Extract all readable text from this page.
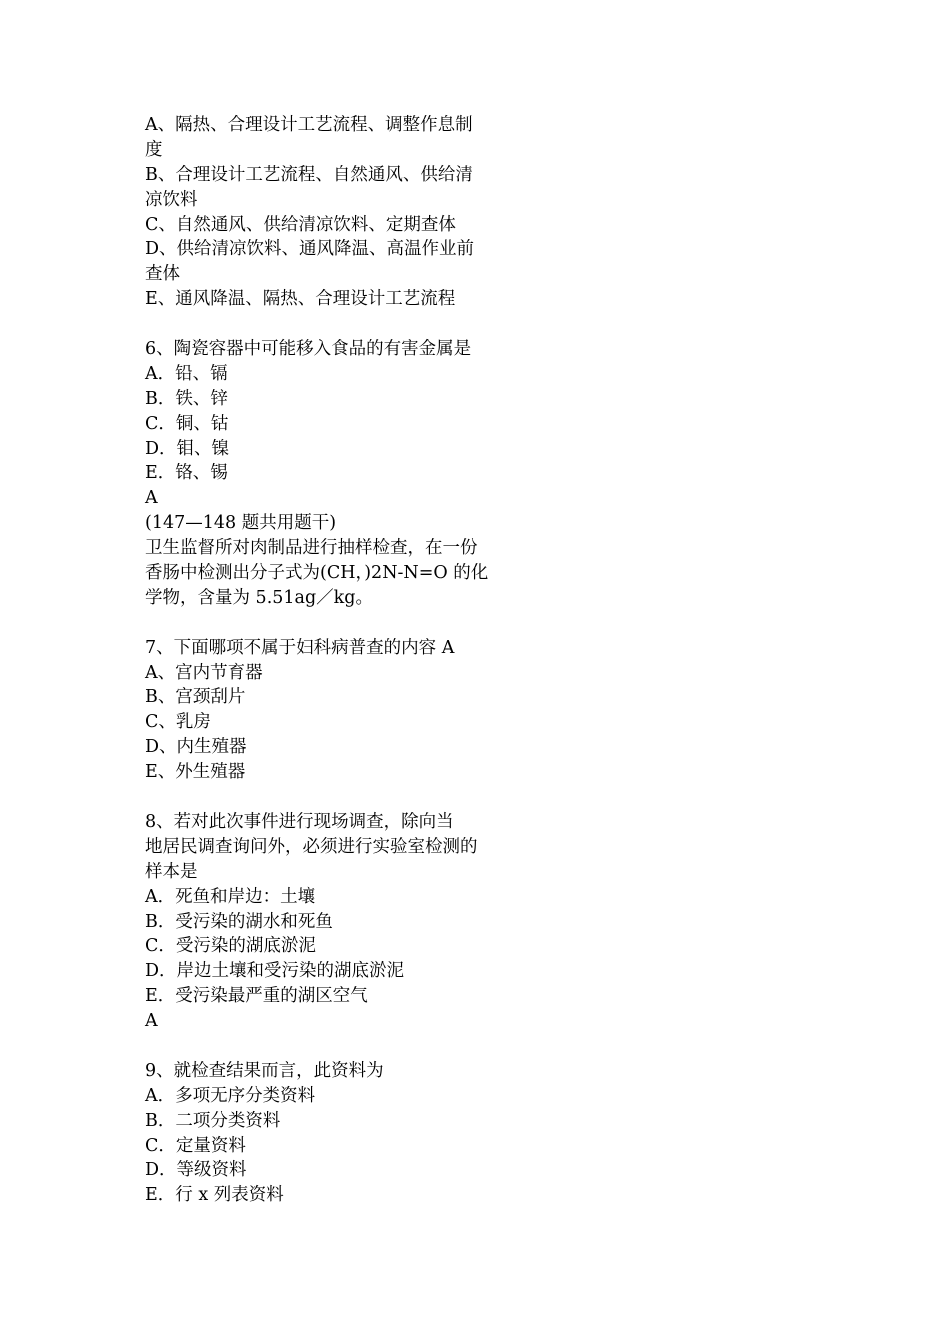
A、隔热、合理设计工艺流程、调整作息制
度
B、合理设计工艺流程、自然通风、供给清
凉饮料
C、自然通风、供给清凉饮料、定期查体
D、供给清凉饮料、通风降温、高温作业前
查体
E、通风降温、隔热、合理设计工艺流程
6、陶瓷容器中可能移入食品的有害金属是
A．铅、镉
B．铁、锌
C．铜、钴
D．钼、镍
E．铬、锡
A
(147—148 题共用题干)
卫生监督所对肉制品进行抽样检查，在一份
香肠中检测出分子式为(CH，)2N-N=O 的化
学物，含量为 5.51ag／kg。
7、下面哪项不属于妇科病普查的内容 A
A、宫内节育器
B、宫颈刮片
C、乳房
D、内生殖器
E、外生殖器
8、若对此次事件进行现场调查，除向当
地居民调查询问外，必须进行实验室检测的
样本是
A．死鱼和岸边：土壤
B．受污染的湖水和死鱼
C．受污染的湖底淤泥
D．岸边土壤和受污染的湖底淤泥
E．受污染最严重的湖区空气
A
9、就检查结果而言，此资料为
A．多项无序分类资料
B．二项分类资料
C．定量资料
D．等级资料
E．行 x 列表资料
